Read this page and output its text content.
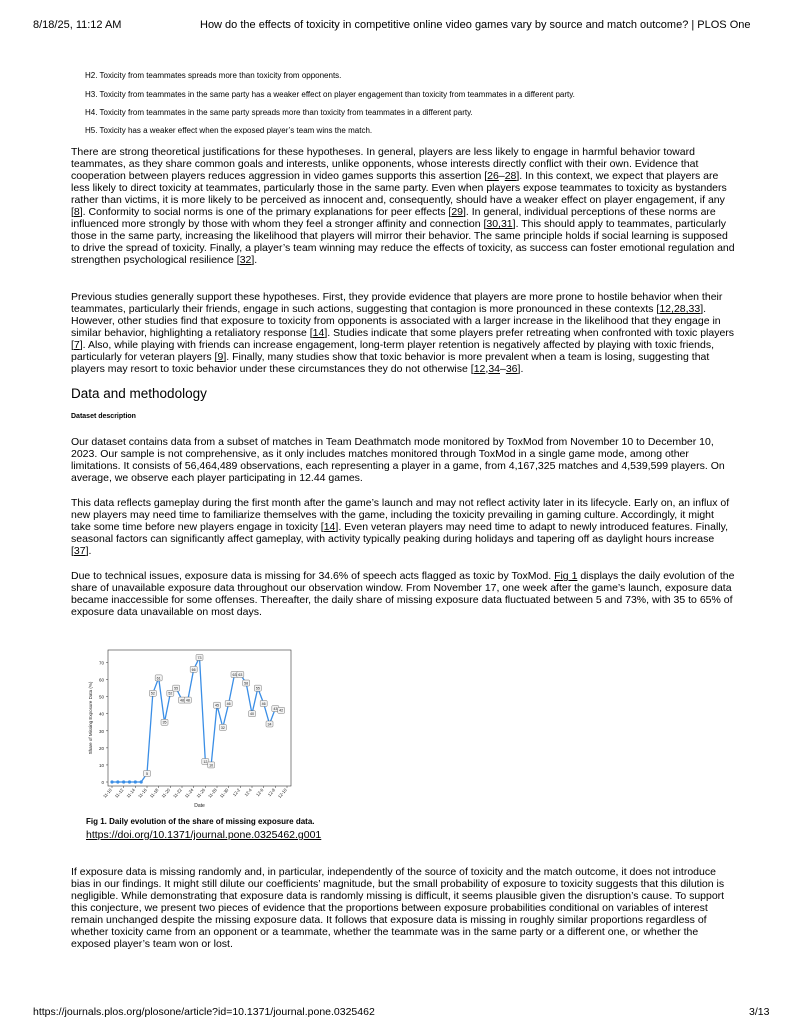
8/18/25, 11:12 AM	How do the effects of toxicity in competitive online video games vary by source and match outcome? | PLOS One
H2. Toxicity from teammates spreads more than toxicity from opponents.
H3. Toxicity from teammates in the same party has a weaker effect on player engagement than toxicity from teammates in a different party.
H4. Toxicity from teammates in the same party spreads more than toxicity from teammates in a different party.
H5. Toxicity has a weaker effect when the exposed player’s team wins the match.

There are strong theoretical justifications for these hypotheses. In general, players are less likely to engage in harmful behavior toward teammates, as they share common goals and interests, unlike opponents, whose interests directly conflict with their own. Evidence that cooperation between players reduces aggression in video games supports this assertion [26–28]. In this context, we expect that players are less likely to direct toxicity at teammates, particularly those in the same party. Even when players expose teammates to toxicity as bystanders rather than victims, it is more likely to be perceived as innocent and, consequently, should have a weaker effect on player engagement, if any [8]. Conformity to social norms is one of the primary explanations for peer effects [29]. In general, individual perceptions of these norms are influenced more strongly by those with whom they feel a stronger affinity and connection [30,31]. This should apply to teammates, particularly those in the same party, increasing the likelihood that players will mirror their behavior. The same principle holds if social learning is supposed to drive the spread of toxicity. Finally, a player’s team winning may reduce the effects of toxicity, as success can foster emotional regulation and strengthen psychological resilience [32].

Previous studies generally support these hypotheses. First, they provide evidence that players are more prone to hostile behavior when their teammates, particularly their friends, engage in such actions, suggesting that contagion is more pronounced in these contexts [12,28,33]. However, other studies find that exposure to toxicity from opponents is associated with a larger increase in the likelihood that they engage in similar behavior, highlighting a retaliatory response [14]. Studies indicate that some players prefer retreating when confronted with toxic players [7]. Also, while playing with friends can increase engagement, long-term player retention is negatively affected by playing with toxic friends, particularly for veteran players [9]. Finally, many studies show that toxic behavior is more prevalent when a team is losing, suggesting that players may resort to toxic behavior under these circumstances they do not otherwise [12,34–36].

Data and methodology
Dataset description

Our dataset contains data from a subset of matches in Team Deathmatch mode monitored by ToxMod from November 10 to December 10, 2023. Our sample is not comprehensive, as it only includes matches monitored through ToxMod in a single game mode, among other limitations. It consists of 56,464,489 observations, each representing a player in a game, from 4,167,325 matches and 4,539,599 players. On average, we observe each player participating in 12.44 games.

This data reflects gameplay during the first month after the game’s launch and may not reflect activity later in its lifecycle. Early on, an influx of new players may need time to familiarize themselves with the game, including the toxicity prevailing in gaming culture. Accordingly, it might take some time before new players engage in toxicity [14]. Even veteran players may need time to adapt to newly introduced features. Finally, seasonal factors can significantly affect gameplay, with activity typically peaking during holidays and tapering off as daylight hours increase [37].

Due to technical issues, exposure data is missing for 34.6% of speech acts flagged as toxic by ToxMod. Fig 1 displays the daily evolution of the share of unavailable exposure data throughout our observation window. From November 17, one week after the game’s launch, exposure data became inaccessible for some offenses. Thereafter, the daily share of missing exposure data fluctuated between 5 and 73%, with 35 to 65% of exposure data unavailable on most days.

0
10
20
30
40
50
60
70
11-10 11-12 11-14 11-16 11-18 11-20 11-22 11-24 11-26 11-28 11-30 12-2 12-4 12-6 12-8 12-10
Date
Share of Missing Exposure Data (%)
5
52
61
35
52
55
48 48
66
73
12
10
45
32
46
63 63
58
40
55
46
34
43 42
Fig 1. Daily evolution of the share of missing exposure data.
https://doi.org/10.1371/journal.pone.0325462.g001

If exposure data is missing randomly and, in particular, independently of the source of toxicity and the match outcome, it does not introduce bias in our findings. It might still dilute our coefficients’ magnitude, but the small probability of exposure to toxicity suggests that this dilution is negligible. While demonstrating that exposure data is randomly missing is difficult, it seems plausible given the disruption’s cause. To support this conjecture, we present two pieces of evidence that the proportions between exposure probabilities conditional on variables of interest remain unchanged despite the missing exposure data. It follows that exposure data is missing in roughly similar proportions regardless of whether toxicity came from an opponent or a teammate, whether the teammate was in the same party or a different one, or whether the exposed player’s team won or lost.

https://journals.plos.org/plosone/article?id=10.1371/journal.pone.0325462	3/13
